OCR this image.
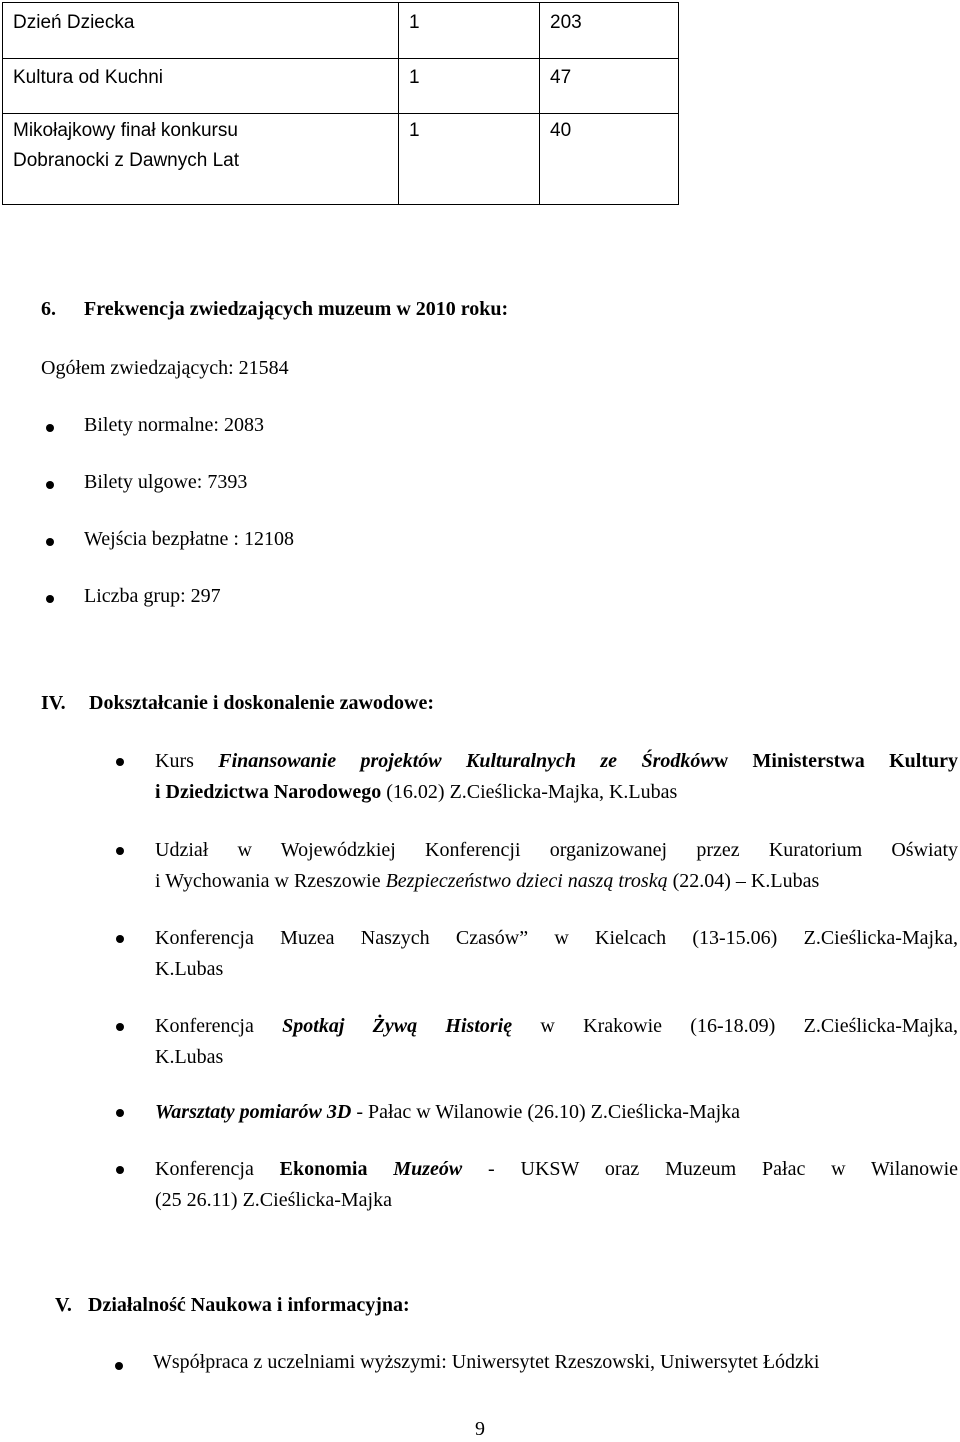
Dzień Dziecka	1	203
Kultura od Kuchni	1	47

Mikołajkowy finał konkursu
Dobranocki z Dawnych Lat	1	40
6. Frekwencja zwiedzających muzeum w 2010 roku:
Ogółem zwiedzających: 21584
Bilety normalne: 2083
Bilety ulgowe: 7393
Wejścia bezpłatne : 12108
Liczba grup: 297
IV. Dokształcanie i doskonalenie zawodowe:
Kurs Finansowanie projektów Kulturalnych ze Środkóww Ministerstwa Kultury
i Dziedzictwa Narodowego (16.02) Z.Cieślicka-Majka, K.Lubas
Udział w Wojewódzkiej Konferencji organizowanej przez Kuratorium Oświaty
i Wychowania w Rzeszowie Bezpieczeństwo dzieci naszą troską (22.04) – K.Lubas
Konferencja Muzea Naszych Czasów” w Kielcach (13-15.06) Z.Cieślicka-Majka,
K.Lubas
Konferencja Spotkaj Żywą Historię w Krakowie (16-18.09) Z.Cieślicka-Majka,
K.Lubas
Warsztaty pomiarów 3D - Pałac w Wilanowie (26.10) Z.Cieślicka-Majka
Konferencja Ekonomia Muzeów - UKSW oraz Muzeum Pałac w Wilanowie
(25 26.11) Z.Cieślicka-Majka
V. Działalność Naukowa i informacyjna:
Współpraca z uczelniami wyższymi: Uniwersytet Rzeszowski, Uniwersytet Łódzki
9
